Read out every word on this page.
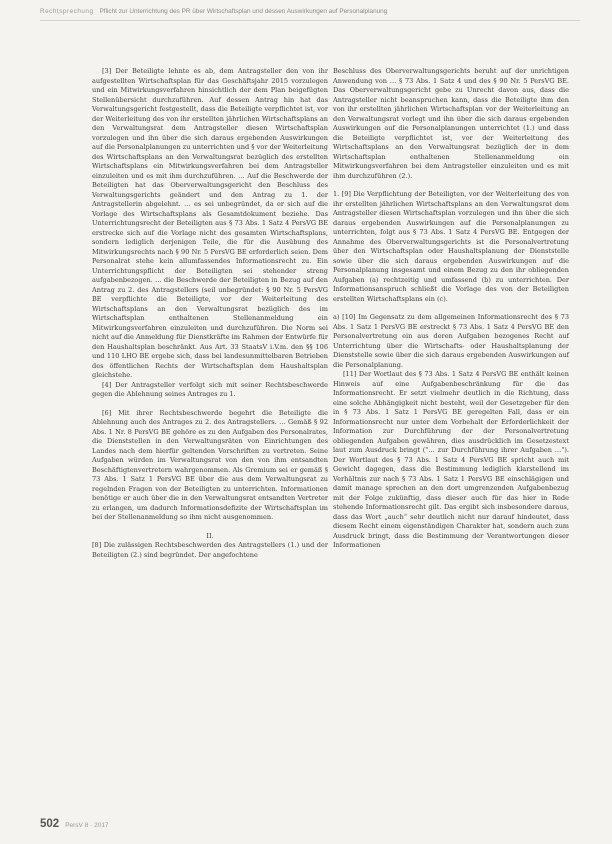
Rechtsprechung Pflicht zur Unterrichtung des PR über Wirtschaftsplan und dessen Auswirkungen auf Personalplanung

[3] Der Beteiligte lehnte es ab, dem Antragsteller den von ihr aufgestellten Wirtschaftsplan für das Geschäftsjahr 2015 vorzulegen und ein Mitwirkungsverfahren hinsichtlich der dem Plan beigefügten Stellenübersicht durchzuführen. Auf dessen Antrag hin hat das Verwaltungsgericht festgestellt, dass die Beteiligte verpflichtet ist, vor der Weiterleitung des von ihr erstellten jährlichen Wirtschaftsplans an den Verwaltungsrat dem Antragsteller diesen Wirtschaftsplan vorzulegen und ihn über die sich daraus ergebenden Auswirkungen auf die Personalplanungen zu unterrichten und § vor der Weiterleitung des Wirtschaftsplans an den Verwaltungsrat bezüglich des erstellten Wirtschaftsplans ein Mitwirkungsverfahren bei dem Antragsteller einzuleiten und es mit ihm durchzuführen. … Auf die Beschwerde der Beteiligten hat das Oberverwaltungsgericht den Beschluss des Verwaltungsgerichts geändert und den Antrag zu 1. der Antragstellerin abgelehnt. … es sei unbegründet, da er sich auf die Vorlage des Wirtschaftsplans als Gesamtdokument beziehe. Das Unterrichtungsrecht der Beteiligten aus § 73 Abs. 1 Satz 4 PersVG BE erstrecke sich auf die Vorlage nicht des gesamten Wirtschaftsplans, sondern lediglich derjenigen Teile, die für die Ausübung des Mitwirkungsrechts nach § 90 Nr. 5 PersVG BE erforderlich seien. Dem Personalrat stehe kein allumfassendes Informationsrecht zu. Ein Unterrichtungspflicht der Beteiligten sei stehender streng aufgabenbezogen. … die Beschwerde der Beteiligten in Bezug auf den Antrag zu 2. des Antragstellers (seil unbegründet: § 90 Nr. 5 PersVG BE verpflichte die Beteiligte, vor der Weiterleitung des Wirtschaftsplans an den Verwaltungsrat bezüglich des im Wirtschaftsplan enthaltenen Stellenanmeldung ein Mitwirkungsverfahren einzuleiten und durchzuführen. Die Norm sei nicht auf die Anmeldung für Dienstkräfte im Rahmen der Entwürfe für den Haushaltsplan beschränkt. Aus Art. 33 StaatsV i.V.m. den §§ 106 und 110 LHO BE ergebe sich, dass bei landesunmittelbaren Betrieben des öffentlichen Rechts der Wirtschaftsplan dem Haushaltsplan gleichstehe.

[4] Der Antragsteller verfolgt sich mit seiner Rechtsbeschwerde gegen die Ablehnung seines Antrages zu 1.

[6] Mit ihrer Rechtsbeschwerde begehrt die Beteiligte die Ablehnung auch des Antrages zu 2. des Antragstellers. … Gemäß § 92 Abs. 1 Nr. 8 PersVG BE gehöre es zu den Aufgaben des Personalrates, die Dienststellen in den Verwaltungsräten von Einrichtungen des Landes nach dem hierfür geltenden Vorschriften zu vertreten. Seine Aufgaben würden im Verwaltungsrat von den von ihm entsandten Beschäftigtenvertretern wahrgenommen. Als Gremium sei er gemäß § 73 Abs. 1 Satz 1 PersVG BE über die aus dem Verwaltungsrat zu regelnden Fragen von der Beteiligten zu unterrichten. Informationen benötige er auch über die in den Verwaltungsrat entsandten Vertreter zu erlangen, um dadurch Informationsdefizite der Wirtschaftsplan im bei der Stellenanmeldung so ihm nicht ausgenommen.

II.

[8] Die zulässigen Rechtsbeschwerden des Antragstellers (1.) und der Beteiligten (2.) sind begründet. Der angefochtene

Beschluss des Oberverwaltungsgerichts beruht auf der unrichtigen Anwendung von … § 73 Abs. 1 Satz 4 und des § 90 Nr. 5 PersVG BE. Das Oberverwaltungsgericht gebe zu Unrecht davon aus, dass die Antragsteller nicht beanspruchen kann, dass die Beteiligte ihm den von ihr erstellten jährlichen Wirtschaftsplan vor der Weiterleitung an den Verwaltungsrat vorlegt und ihn über die sich daraus ergebenden Auswirkungen auf die Personalplanungen unterrichtet (1.) und dass die Beteiligte verpflichtet ist, vor der Weiterleitung des Wirtschaftsplans an den Verwaltungsrat bezüglich der in dem Wirtschaftsplan enthaltenen Stellenanmeldung ein Mitwirkungsverfahren bei dem Antragsteller einzuleiten und es mit ihm durchzuführen (2.).

1. [9] Die Verpflichtung der Beteiligten, vor der Weiterleitung des von ihr erstellten jährlichen Wirtschaftsplans an den Verwaltungsrat dem Antragsteller diesen Wirtschaftsplan vorzulegen und ihn über die sich daraus ergebenden Auswirkungen auf die Personalplanungen zu unterrichten, folgt aus § 73 Abs. 1 Satz 4 PersVG BE. Entgegen der Annahme des Oberverwaltungsgerichts ist die Personalvertretung über den Wirtschaftsplan oder Haushaltsplanung der Dienststelle sowie über die sich daraus ergebenden Auswirkungen auf die Personalplanung insgesamt und einem Bezug zu den ihr obliegenden Aufgaben (a) rechtzeitig und umfassend (b) zu unterrichten. Der Informationsanspruch schließt die Vorlage des von der Beteiligten erstellten Wirtschaftsplans ein (c).

a) [10] Im Gegensatz zu dem allgemeinen Informationsrecht des § 73 Abs. 1 Satz 1 PersVG BE erstreckt § 73 Abs. 1 Satz 4 PersVG BE den Personalvertretung ein aus deren Aufgaben bezogenes Recht auf Unterrichtung über die Wirtschafts- oder Haushaltsplanung der Dienststelle sowie über die sich daraus ergebenden Auswirkungen auf die Personalplanung.

[11] Der Wortlaut des § 73 Abs. 1 Satz 4 PersVG BE enthält keinen Hinweis auf eine Aufgabenbeschränkung für die das Informationsrecht. Er setzt vielmehr deutlich in die Richtung, dass eine solche Abhängigkeit nicht besteht, weil der Gesetzgeber für den in § 73 Abs. 1 Satz 1 PersVG BE geregelten Fall, dass er ein Informationsrecht nur unter dem Vorbehalt der Erforderlichkeit der Information zur Durchführung der der Personalvertretung obliegenden Aufgaben gewähren, dies ausdrücklich im Gesetzestext laut zum Ausdruck bringt ("… zur Durchführung ihrer Aufgaben …"). Der Wortlaut des § 73 Abs. 1 Satz 4 PersVG BE spricht auch mit Gewicht dagegen, dass die Bestimmung lediglich klarstellend im Verhältnis zur nach § 73 Abs. 1 Satz 1 PersVG BE einschlägigen und damit manage sprechen an den dort umgrenzenden Aufgabenbezug mit der Folge zukünftig, dass dieser auch für das hier in Rede stehende Informationsrecht gilt. Das ergibt sich insbesondere daraus, dass das Wort „auch“ sehr deutlich nicht nur darauf hindeutet, dass diesem Recht einem eigenständigen Charakter hat, sondern auch zum Ausdruck bringt, dass die Bestimmung der Verantwortungen dieser Informationen

502 PersV 8 · 2017
